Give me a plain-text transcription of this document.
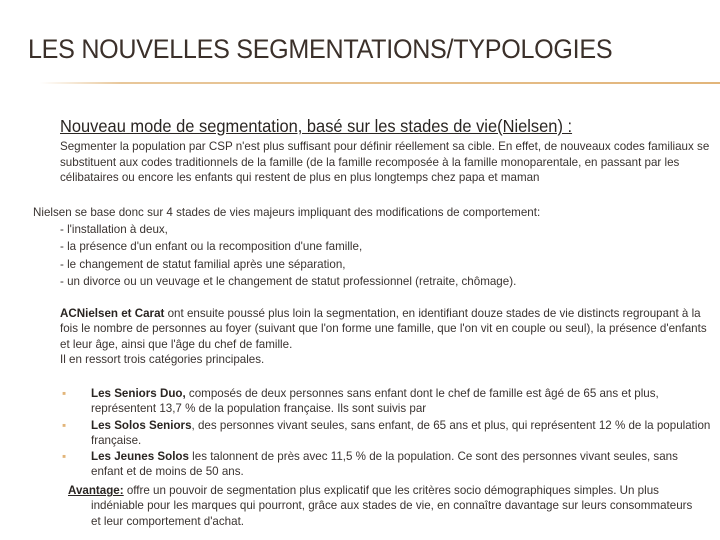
LES NOUVELLES SEGMENTATIONS/TYPOLOGIES
Nouveau mode de segmentation, basé sur les stades de vie(Nielsen) :
Segmenter la population par CSP n'est plus suffisant pour définir réellement sa cible. En effet, de nouveaux codes familiaux se substituent aux codes traditionnels de la famille (de la famille recomposée à la famille monoparentale, en passant par les célibataires ou encore les enfants qui restent de plus en plus longtemps chez papa et maman
Nielsen se base donc sur 4 stades de vies majeurs impliquant des modifications de comportement:
- l'installation à deux,
- la présence d'un enfant ou la recomposition d'une famille,
- le changement de statut familial après une séparation,
- un divorce ou un veuvage et le changement de statut professionnel (retraite, chômage).
ACNielsen et Carat ont ensuite poussé plus loin la segmentation, en identifiant douze stades de vie distincts regroupant à la fois le nombre de personnes au foyer (suivant que l'on forme une famille, que l'on vit en couple ou seul), la présence d'enfants et leur âge, ainsi que l'âge du chef de famille.
Il en ressort trois catégories principales.
▪ Les Seniors Duo, composés de deux personnes sans enfant dont le chef de famille est âgé de 65 ans et plus, représentent 13,7 % de la population française. Ils sont suivis par
▪ Les Solos Seniors, des personnes vivant seules, sans enfant, de 65 ans et plus, qui représentent 12 % de la population française.
▪ Les Jeunes Solos les talonnent de près avec 11,5 % de la population. Ce sont des personnes vivant seules, sans enfant et de moins de 50 ans.
Avantage: offre un pouvoir de segmentation plus explicatif que les critères socio démographiques simples. Un plus
indéniable pour les marques qui pourront, grâce aux stades de vie, en connaître davantage sur leurs consommateurs et leur comportement d'achat.
